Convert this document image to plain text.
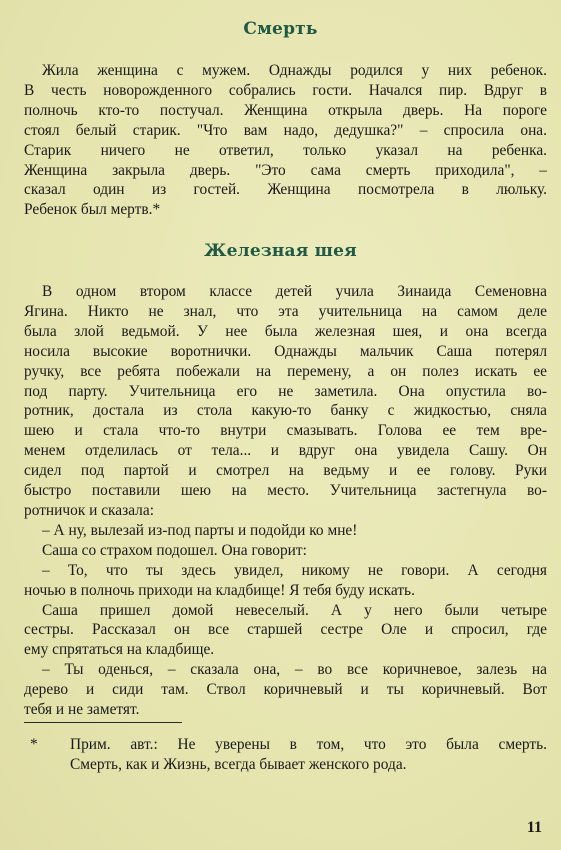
Смерть
Жила женщина с мужем. Однажды родился у них ребенок.
В честь новорожденного собрались гости. Начался пир. Вдруг в
полночь кто-то постучал. Женщина открыла дверь. На пороге
стоял белый старик. "Что вам надо, дедушка?" – спросила она.
Старик ничего не ответил, только указал на ребенка.
Женщина закрыла дверь. "Это сама смерть приходила", –
сказал один из гостей. Женщина посмотрела в люльку.
Ребенок был мертв.*
Железная шея
В одном втором классе детей учила Зинаида Семеновна
Ягина. Никто не знал, что эта учительница на самом деле
была злой ведьмой. У нее была железная шея, и она всегда
носила высокие воротнички. Однажды мальчик Саша потерял
ручку, все ребята побежали на перемену, а он полез искать ее
под парту. Учительница его не заметила. Она опустила во-
ротник, достала из стола какую-то банку с жидкостью, сняла
шею и стала что-то внутри смазывать. Голова ее тем вре-
менем отделилась от тела... и вдруг она увидела Сашу. Он
сидел под партой и смотрел на ведьму и ее голову. Руки
быстро поставили шею на место. Учительница застегнула во-
ротничок и сказала:
– А ну, вылезай из-под парты и подойди ко мне!
Саша со страхом подошел. Она говорит:
– То, что ты здесь увидел, никому не говори. А сегодня
ночью в полночь приходи на кладбище! Я тебя буду искать.
Саша пришел домой невеселый. А у него были четыре
сестры. Рассказал он все старшей сестре Оле и спросил, где
ему спрятаться на кладбище.
– Ты оденься, – сказала она, – во все коричневое, залезь на
дерево и сиди там. Ствол коричневый и ты коричневый. Вот
тебя и не заметят.
* Прим. авт.: Не уверены в том, что это была смерть.
Смерть, как и Жизнь, всегда бывает женского рода.
11
